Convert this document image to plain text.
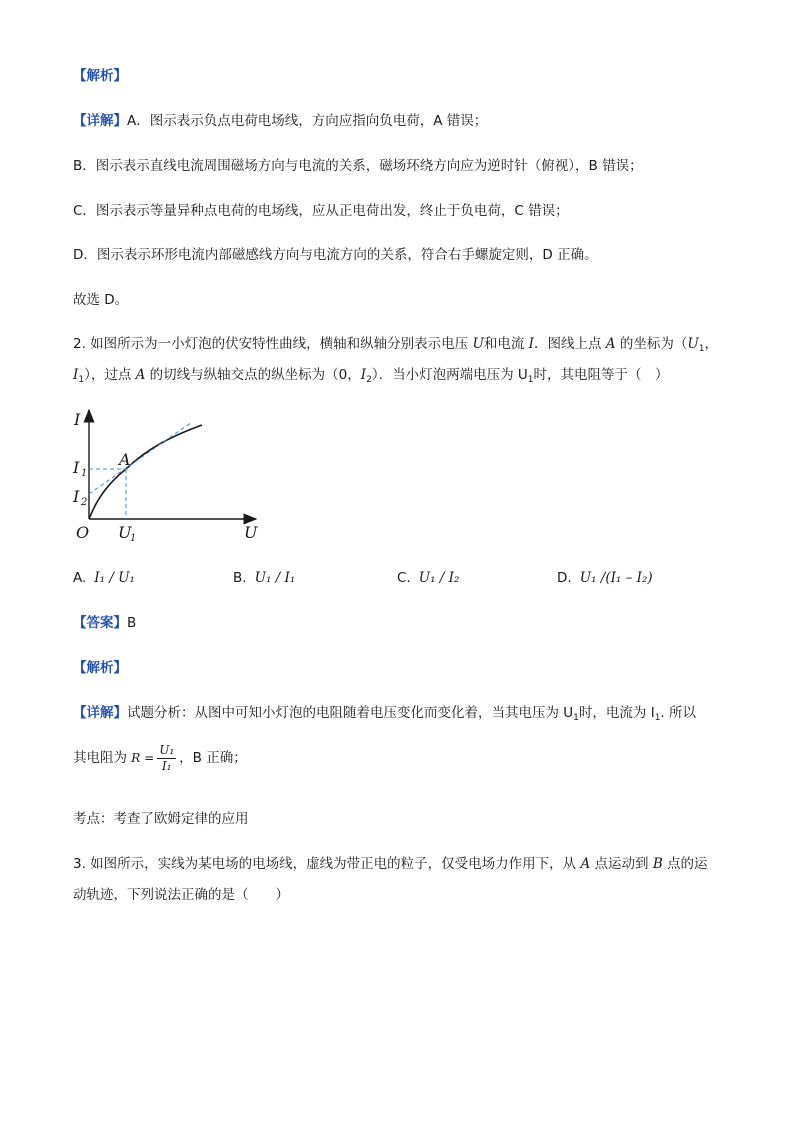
【解析】
【详解】A．图示表示负点电荷电场线，方向应指向负电荷，A 错误；
B．图示表示直线电流周围磁场方向与电流的关系，磁场环绕方向应为逆时针（俯视），B 错误；
C．图示表示等量异种点电荷的电场线，应从正电荷出发，终止于负电荷，C 错误；
D．图示表示环形电流内部磁感线方向与电流方向的关系，符合右手螺旋定则，D 正确。
故选 D。
2. 如图所示为一小灯泡的伏安特性曲线，横轴和纵轴分别表示电压 U和电流 I．图线上点 A 的坐标为（$U_1$，
$I_1$），过点 A 的切线与纵轴交点的纵坐标为（0，$I_2$）．当小灯泡两端电压为 $U_1$时，其电阻等于（　）
I
U
O
A
I 1
I 2
U
1
A. I₁ / U₁	B. U₁ / I₁	C. U₁ / I₂	D. U₁ /(I₁ – I₂)
【答案】B
【解析】
【详解】试题分析：从图中可知小灯泡的电阻随着电压变化而变化着，当其电压为 $U_1$时，电流为 $I_1$. 所以
其电阻为 $R = \frac{\text{U₁}}{\text{I₁}}$ ，B 正确；
考点：考查了欧姆定律的应用
3. 如图所示，实线为某电场的电场线，虚线为带正电的粒子，仅受电场力作用下，从 A 点运动到 B 点的运
动轨迹，下列说法正确的是（　　）
